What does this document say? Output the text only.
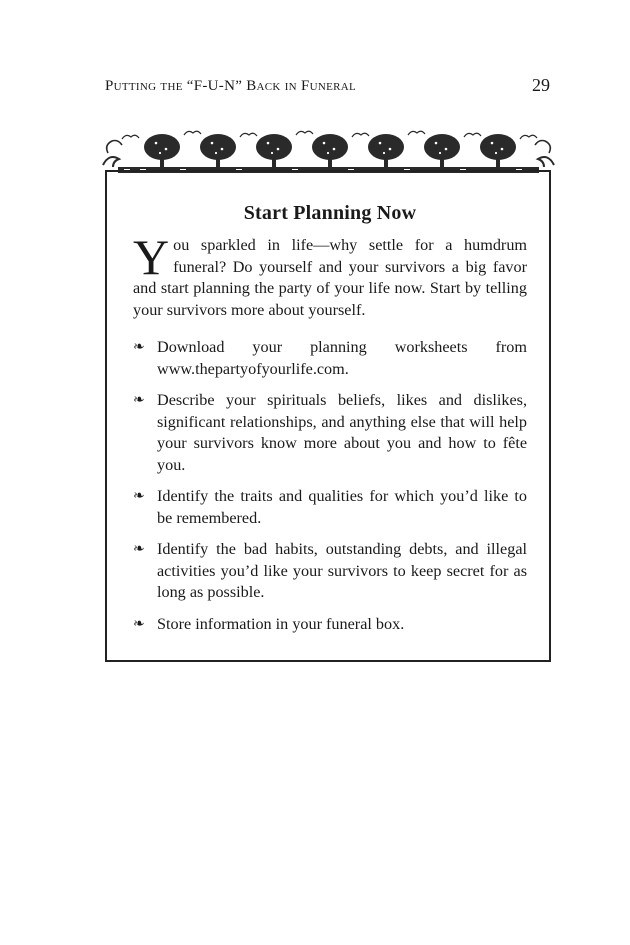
Putting the “F-U-N” Back in Funeral	29
Start Planning Now

You sparkled in life—why settle for a humdrum funeral? Do yourself and your survivors a big favor and start planning the party of your life now. Start by telling your survivors more about yourself.

❧ Download your planning worksheets from www.thepartyofyourlife.com.
❧ Describe your spirituals beliefs, likes and dislikes, significant relationships, and anything else that will help your survivors know more about you and how to fête you.
❧ Identify the traits and qualities for which you’d like to be remembered.
❧ Identify the bad habits, outstanding debts, and illegal activities you’d like your survivors to keep secret for as long as possible.
❧ Store information in your funeral box.
